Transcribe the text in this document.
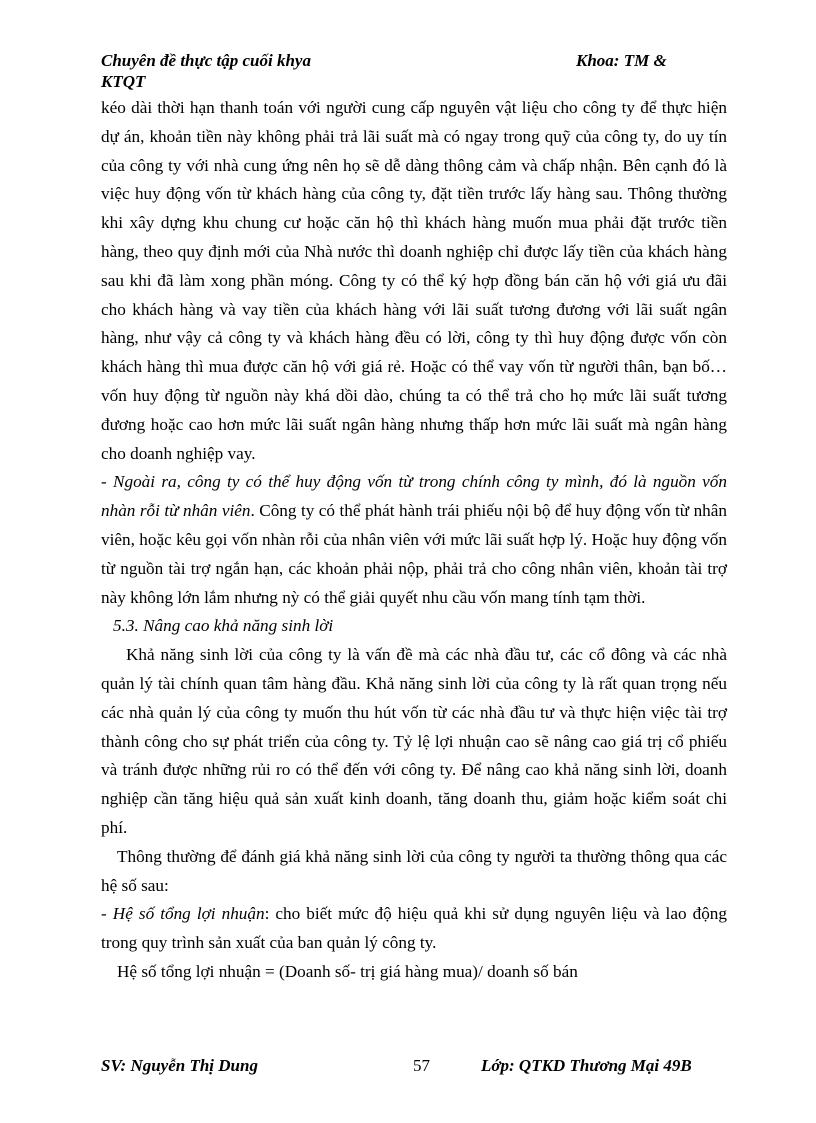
Chuyên đề thực tập cuối khya	Khoa: TM &
KTQT

kéo dài thời hạn thanh toán với người cung cấp nguyên vật liệu cho công ty để thực hiện dự án, khoản tiền này không phải trả lãi suất mà có ngay trong quỹ của công ty, do uy tín của công ty với nhà cung ứng nên họ sẽ dễ dàng thông cảm và chấp nhận. Bên cạnh đó là việc huy động vốn từ khách hàng của công ty, đặt tiền trước lấy hàng sau. Thông thường khi xây dựng khu chung cư hoặc căn hộ thì khách hàng muốn mua phải đặt trước tiền hàng, theo quy định mới của Nhà nước thì doanh nghiệp chỉ được lấy tiền của khách hàng sau khi đã làm xong phần móng. Công ty có thể ký hợp đồng bán căn hộ với giá ưu đãi cho khách hàng và vay tiền của khách hàng với lãi suất tương đương với lãi suất ngân hàng, như vậy cả công ty và khách hàng đều có lời, công ty thì huy động được vốn còn khách hàng thì mua được căn hộ với giá rẻ. Hoặc có thể vay vốn từ người thân, bạn bố…vốn huy động từ nguồn này khá dồi dào, chúng ta có thể trả cho họ mức lãi suất tương đương hoặc cao hơn mức lãi suất ngân hàng nhưng thấp hơn mức lãi suất mà ngân hàng cho doanh nghiệp vay.

- Ngoài ra, công ty có thể huy động vốn từ trong chính công ty mình, đó là nguồn vốn nhàn rỗi từ nhân viên. Công ty có thể phát hành trái phiếu nội bộ để huy động vốn từ nhân viên, hoặc kêu gọi vốn nhàn rỗi của nhân viên với mức lãi suất hợp lý. Hoặc huy động vốn từ nguồn tài trợ ngắn hạn, các khoản phải nộp, phải trả cho công nhân viên, khoản tài trợ này không lớn lắm nhưng nỳ có thể giải quyết nhu cầu vốn mang tính tạm thời.

5.3. Nâng cao khả năng sinh lời

Khả năng sinh lời của công ty là vấn đề mà các nhà đầu tư, các cổ đông và các nhà quản lý tài chính quan tâm hàng đầu. Khả năng sinh lời của công ty là rất quan trọng nếu các nhà quản lý của công ty muốn thu hút vốn từ các nhà đầu tư và thực hiện việc tài trợ thành công cho sự phát triển của công ty. Tỷ lệ lợi nhuận cao sẽ nâng cao giá trị cổ phiếu và tránh được những rủi ro có thể đến với công ty. Để nâng cao khả năng sinh lời, doanh nghiệp cần tăng hiệu quả sản xuất kinh doanh, tăng doanh thu, giảm hoặc kiểm soát chi phí.

Thông thường để đánh giá khả năng sinh lời của công ty người ta thường thông qua các hệ số sau:

- Hệ số tổng lợi nhuận: cho biết mức độ hiệu quả khi sử dụng nguyên liệu và lao động trong quy trình sản xuất của ban quản lý công ty.

Hệ số tổng lợi nhuận = (Doanh số- trị giá hàng mua)/ doanh số bán

SV: Nguyễn Thị Dung	57	Lớp: QTKD Thương Mại 49B
